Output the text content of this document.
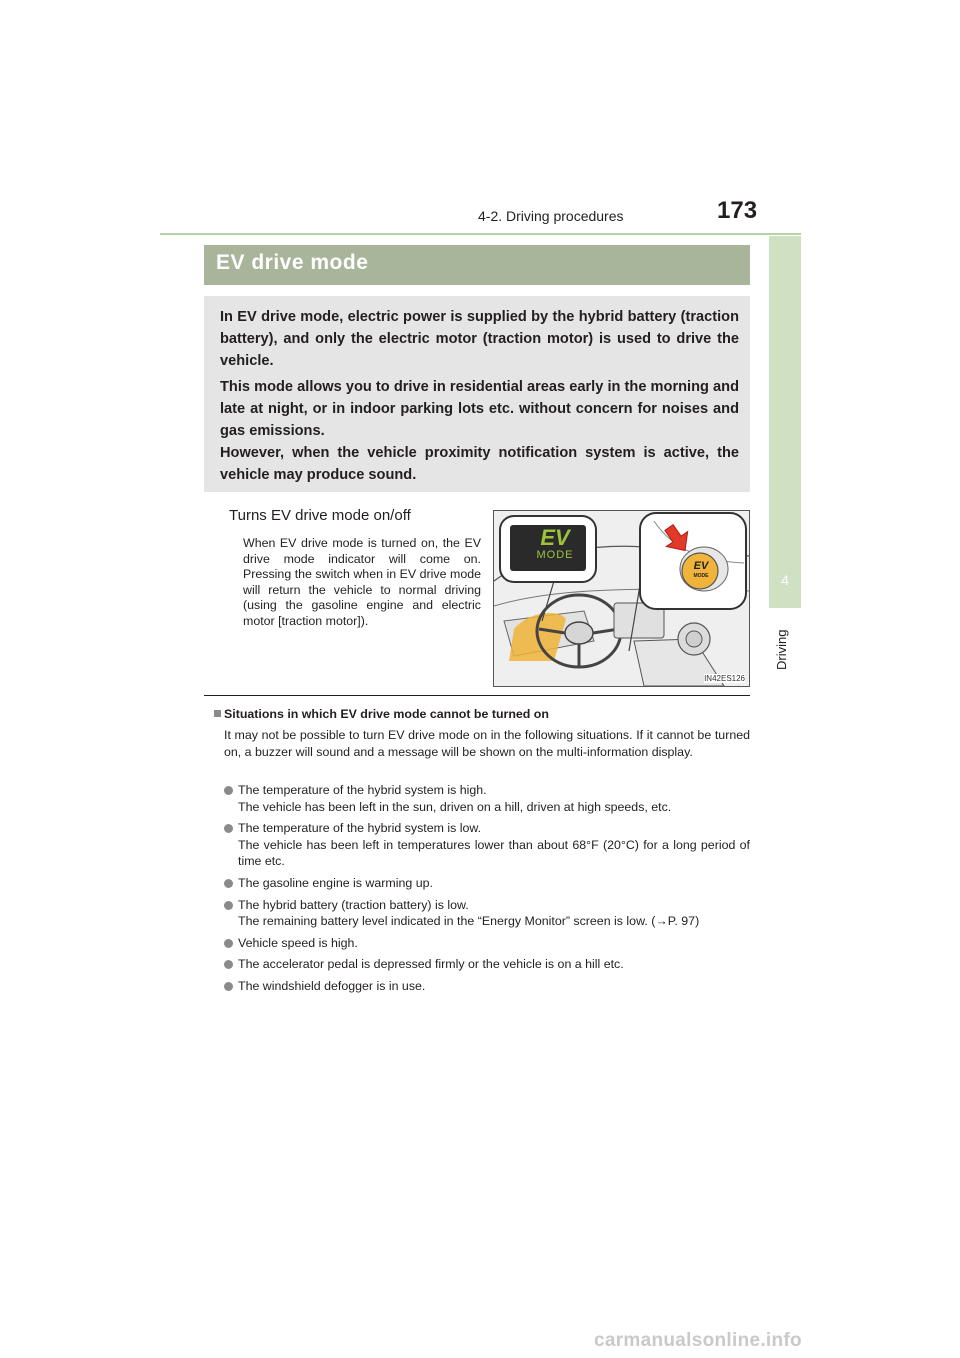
4-2. Driving procedures	173
4
Driving
EV drive mode

In EV drive mode, electric power is supplied by the hybrid battery (traction battery), and only the electric motor (traction motor) is used to drive the vehicle.

This mode allows you to drive in residential areas early in the morning and late at night, or in indoor parking lots etc. without concern for noises and gas emissions.

However, when the vehicle proximity notification system is active, the vehicle may produce sound.

Turns EV drive mode on/off
When EV drive mode is turned on, the EV drive mode indicator will come on. Pressing the switch when in EV drive mode will return the vehicle to normal driving (using the gasoline engine and electric motor [traction motor]).
EV
MODE
EV
MODE
IN42ES126
Situations in which EV drive mode cannot be turned on
It may not be possible to turn EV drive mode on in the following situations. If it cannot be turned on, a buzzer will sound and a message will be shown on the multi-information display.
The temperature of the hybrid system is high.
The vehicle has been left in the sun, driven on a hill, driven at high speeds, etc.
The temperature of the hybrid system is low.
The vehicle has been left in temperatures lower than about 68°F (20°C) for a long period of time etc.
The gasoline engine is warming up.
The hybrid battery (traction battery) is low.
The remaining battery level indicated in the “Energy Monitor” screen is low. (→P. 97)
Vehicle speed is high.
The accelerator pedal is depressed firmly or the vehicle is on a hill etc.
The windshield defogger is in use.
carmanualsonline.info
